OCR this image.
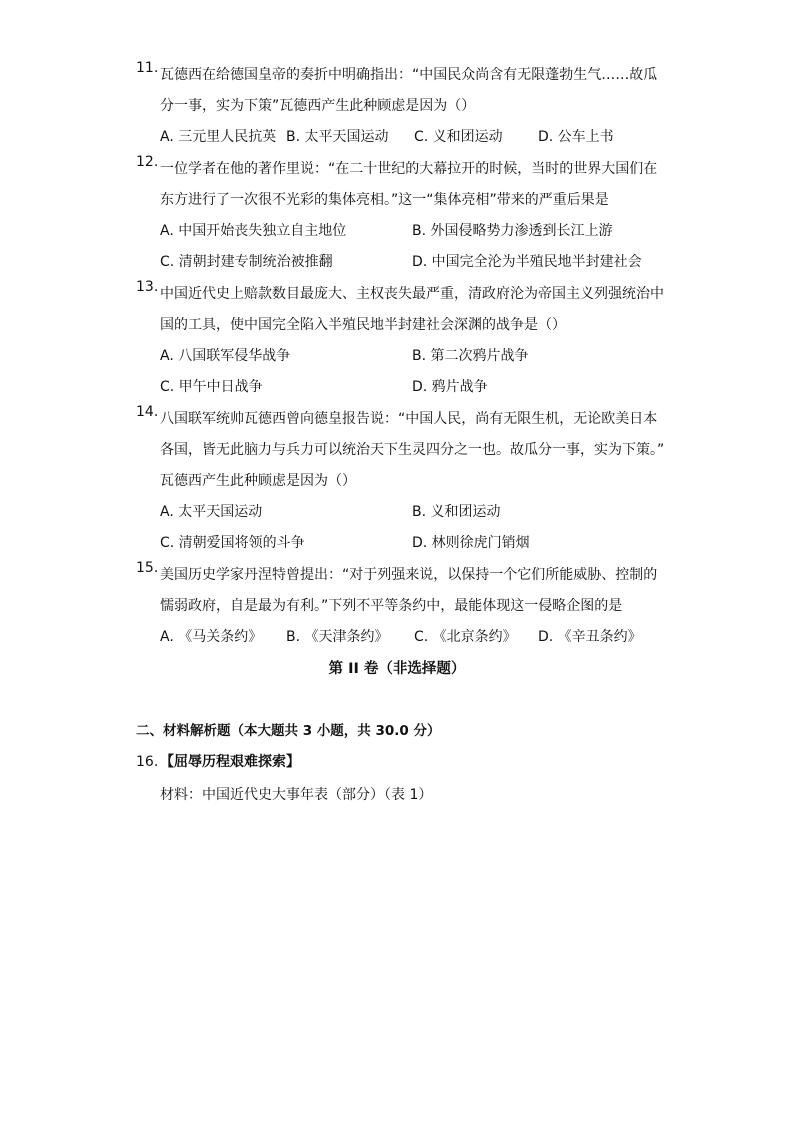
11. 瓦德西在给德国皇帝的奏折中明确指出：“中国民众尚含有无限蓬勃生气……故瓜
分一事，实为下策”瓦德西产生此种顾虑是因为（）
A. 三元里人民抗英 B. 太平天国运动 C. 义和团运动	D. 公车上书
12. 一位学者在他的著作里说：“在二十世纪的大幕拉开的时候，当时的世界大国们在
东方进行了一次很不光彩的集体亮相。”这一“集体亮相”带来的严重后果是
A. 中国开始丧失独立自主地位	B. 外国侵略势力渗透到长江上游
C. 清朝封建专制统治被推翻	D. 中国完全沦为半殖民地半封建社会
13. 中国近代史上赔款数目最庞大、主权丧失最严重，清政府沦为帝国主义列强统治中
国的工具，使中国完全陷入半殖民地半封建社会深渊的战争是（）
A. 八国联军侵华战争	B. 第二次鸦片战争
C. 甲午中日战争	D. 鸦片战争
14. 八国联军统帅瓦德西曾向德皇报告说：“中国人民，尚有无限生机，无论欧美日本
各国，皆无此脑力与兵力可以统治天下生灵四分之一也。故瓜分一事，实为下策。”
瓦德西产生此种顾虑是因为（）
A. 太平天国运动	B. 义和团运动
C. 清朝爱国将领的斗争	D. 林则徐虎门销烟
15. 美国历史学家丹涅特曾提出：“对于列强来说，以保持一个它们所能威胁、控制的
懦弱政府，自是最为有利。”下列不平等条约中，最能体现这一侵略企图的是
A. 《马关条约》 B. 《天津条约》 C. 《北京条约》 D. 《辛丑条约》
第 II 卷（非选择题）
二、材料解析题（本大题共 3 小题，共 30.0 分）
16. 【屈辱历程艰难探索】
材料：中国近代史大事年表（部分）（表 1）
